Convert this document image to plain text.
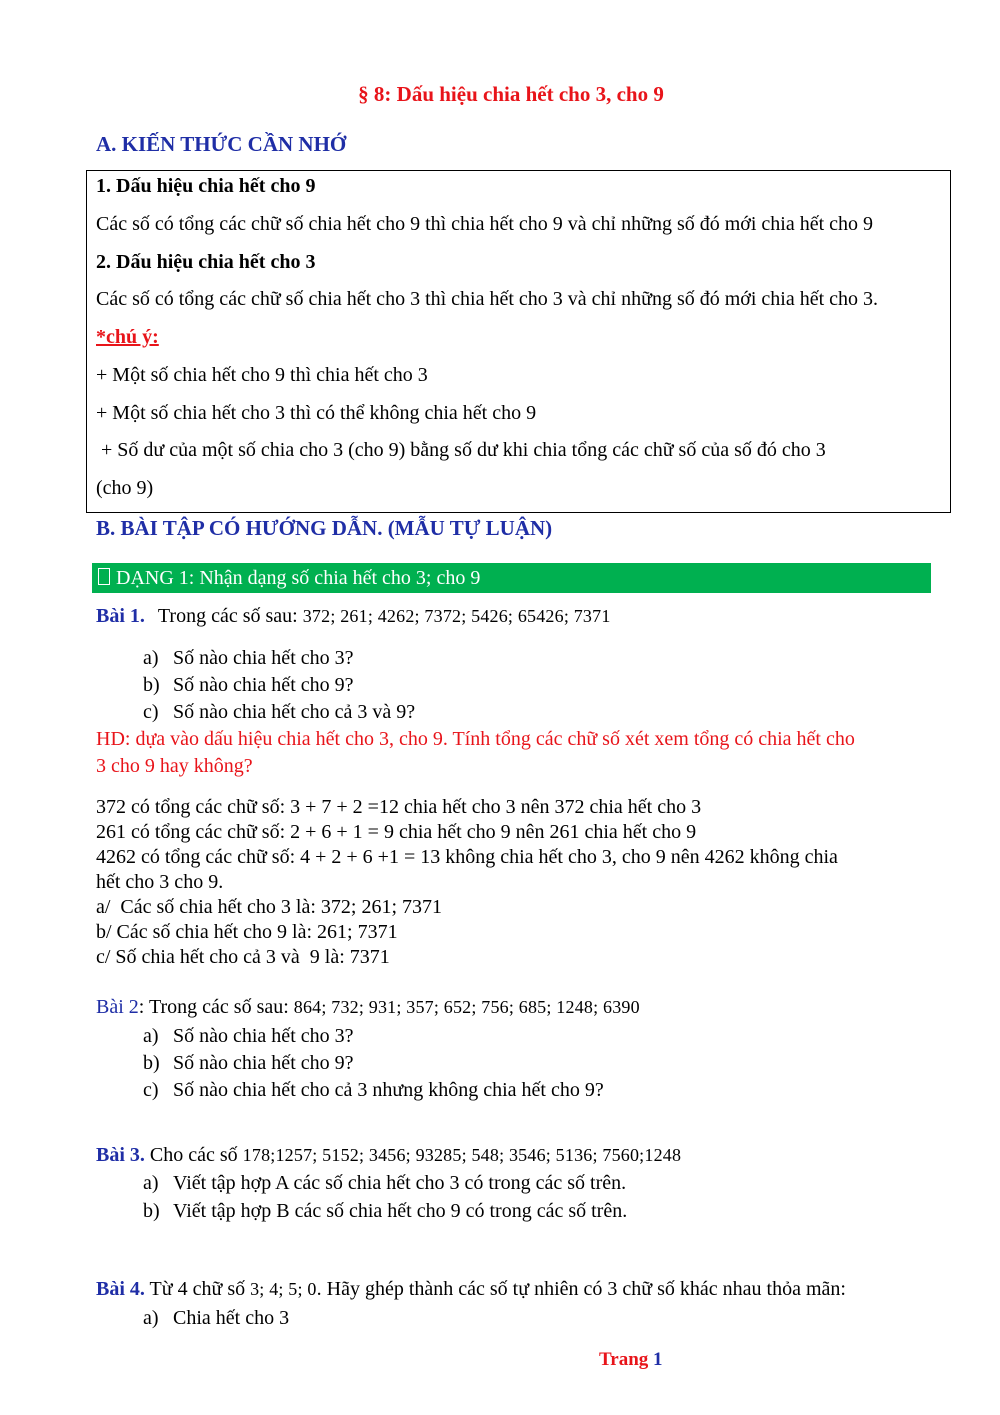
§ 8: Dấu hiệu chia hết cho 3, cho 9
A. KIẾN THỨC CẦN NHỚ
1. Dấu hiệu chia hết cho 9
Các số có tổng các chữ số chia hết cho 9 thì chia hết cho 9 và chỉ những số đó mới chia hết cho 9
2. Dấu hiệu chia hết cho 3
Các số có tổng các chữ số chia hết cho 3 thì chia hết cho 3 và chỉ những số đó mới chia hết cho 3.
*chú ý:
+ Một số chia hết cho 9 thì chia hết cho 3
+ Một số chia hết cho 3 thì có thể không chia hết cho 9
+ Số dư của một số chia cho 3 (cho 9) bằng số dư khi chia tổng các chữ số của số đó cho 3
(cho 9)
B. BÀI TẬP CÓ HƯỚNG DẪN. (MẪU TỰ LUẬN)
DẠNG 1: Nhận dạng số chia hết cho 3; cho 9
Bài 1. Trong các số sau: 372; 261; 4262; 7372; 5426; 65426; 7371
a) Số nào chia hết cho 3?
b) Số nào chia hết cho 9?
c) Số nào chia hết cho cả 3 và 9?
HD: dựa vào dấu hiệu chia hết cho 3, cho 9. Tính tổng các chữ số xét xem tổng có chia hết cho
3 cho 9 hay không?
372 có tổng các chữ số: 3 + 7 + 2 =12 chia hết cho 3 nên 372 chia hết cho 3
261 có tổng các chữ số: 2 + 6 + 1 = 9 chia hết cho 9 nên 261 chia hết cho 9
4262 có tổng các chữ số: 4 + 2 + 6 +1 = 13 không chia hết cho 3, cho 9 nên 4262 không chia
hết cho 3 cho 9.
a/  Các số chia hết cho 3 là: 372; 261; 7371
b/ Các số chia hết cho 9 là: 261; 7371
c/ Số chia hết cho cả 3 và  9 là: 7371
Bài 2: Trong các số sau: 864; 732; 931; 357; 652; 756; 685; 1248; 6390
a) Số nào chia hết cho 3?
b) Số nào chia hết cho 9?
c) Số nào chia hết cho cả 3 nhưng không chia hết cho 9?
Bài 3. Cho các số 178;1257; 5152; 3456; 93285; 548; 3546; 5136; 7560;1248
a) Viết tập hợp A các số chia hết cho 3 có trong các số trên.
b) Viết tập hợp B các số chia hết cho 9 có trong các số trên.
Bài 4. Từ 4 chữ số 3; 4; 5; 0. Hãy ghép thành các số tự nhiên có 3 chữ số khác nhau thỏa mãn:
a) Chia hết cho 3
Trang 1
